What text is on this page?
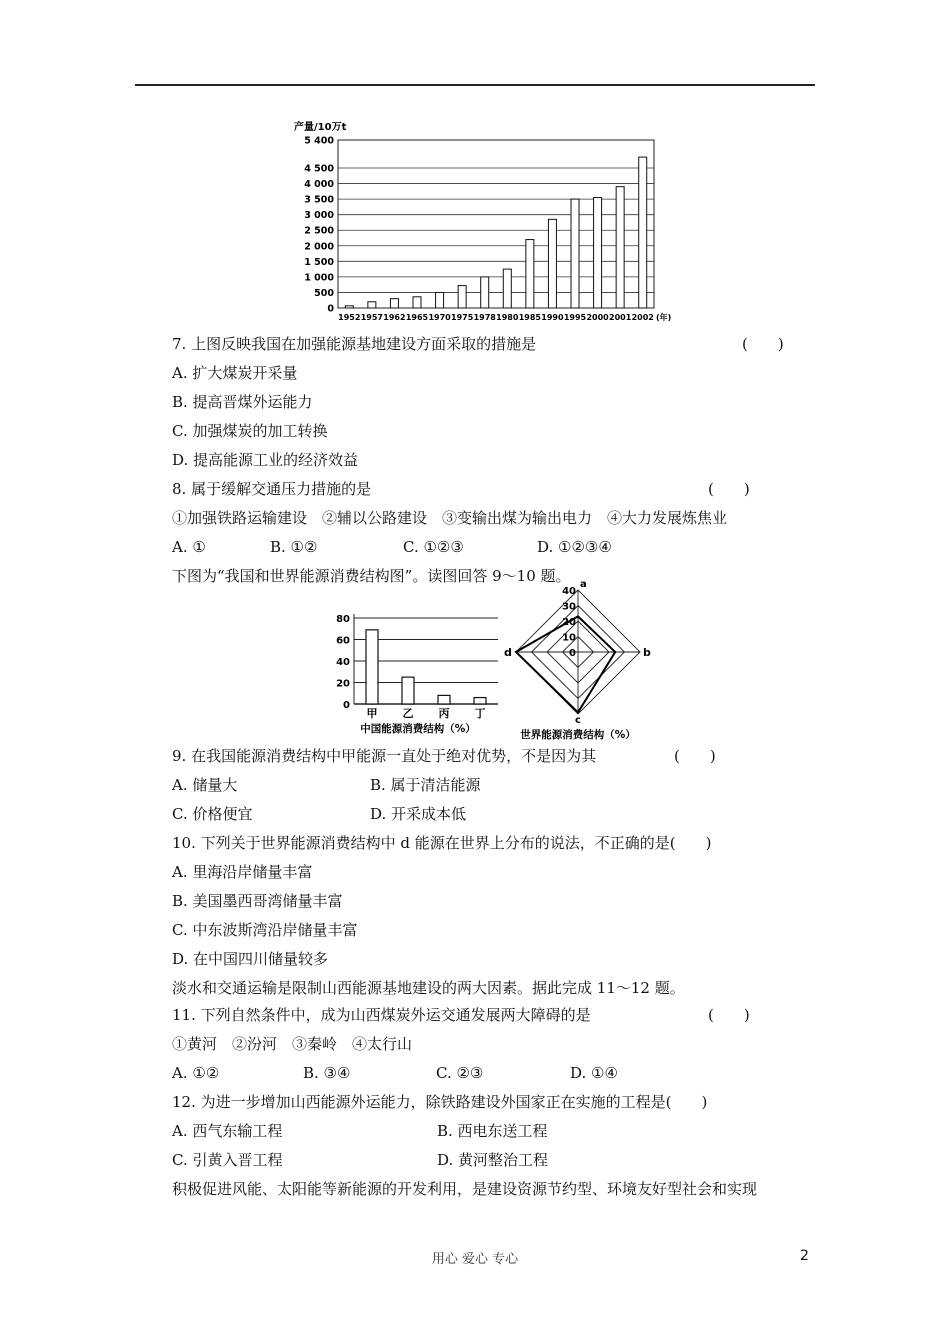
产量/10万t
5 400
4 500
4 000
3 500
3 000
2 500
2 000
1 500
1 000
500
0
1952 1957 1962 1965 1970 1975 1978 1980 1985 1990 1995 2000 2001 2002 (年)
7. 上图反映我国在加强能源基地建设方面采取的措施是	(　　)
A. 扩大煤炭开采量
B. 提高晋煤外运能力
C. 加强煤炭的加工转换
D. 提高能源工业的经济效益
8. 属于缓解交通压力措施的是	(　　)
①加强铁路运输建设　②辅以公路建设　③变输出煤为输出电力　④大力发展炼焦业
A. ①	B. ①②	C. ①②③	D. ①②③④
下图为“我国和世界能源消费结构图”。读图回答 9～10 题。
80
60
40
20
0
甲 乙 丙 丁
中国能源消费结构（%）
40
30
20
10
0
a
b
c
d
世界能源消费结构（%）
9. 在我国能源消费结构中甲能源一直处于绝对优势，不是因为其	(　　)
A. 储量大	B. 属于清洁能源
C. 价格便宜	D. 开采成本低
10. 下列关于世界能源消费结构中 d 能源在世界上分布的说法，不正确的是(　　)
A. 里海沿岸储量丰富
B. 美国墨西哥湾储量丰富
C. 中东波斯湾沿岸储量丰富
D. 在中国四川储量较多
淡水和交通运输是限制山西能源基地建设的两大因素。据此完成 11～12 题。
11. 下列自然条件中，成为山西煤炭外运交通发展两大障碍的是	(　　)
①黄河　②汾河　③秦岭　④太行山
A. ①②	B. ③④	C. ②③	D. ①④
12. 为进一步增加山西能源外运能力，除铁路建设外国家正在实施的工程是(　　)
A. 西气东输工程	B. 西电东送工程
C. 引黄入晋工程	D. 黄河整治工程
积极促进风能、太阳能等新能源的开发利用，是建设资源节约型、环境友好型社会和实现
用心 爱心 专心	2
